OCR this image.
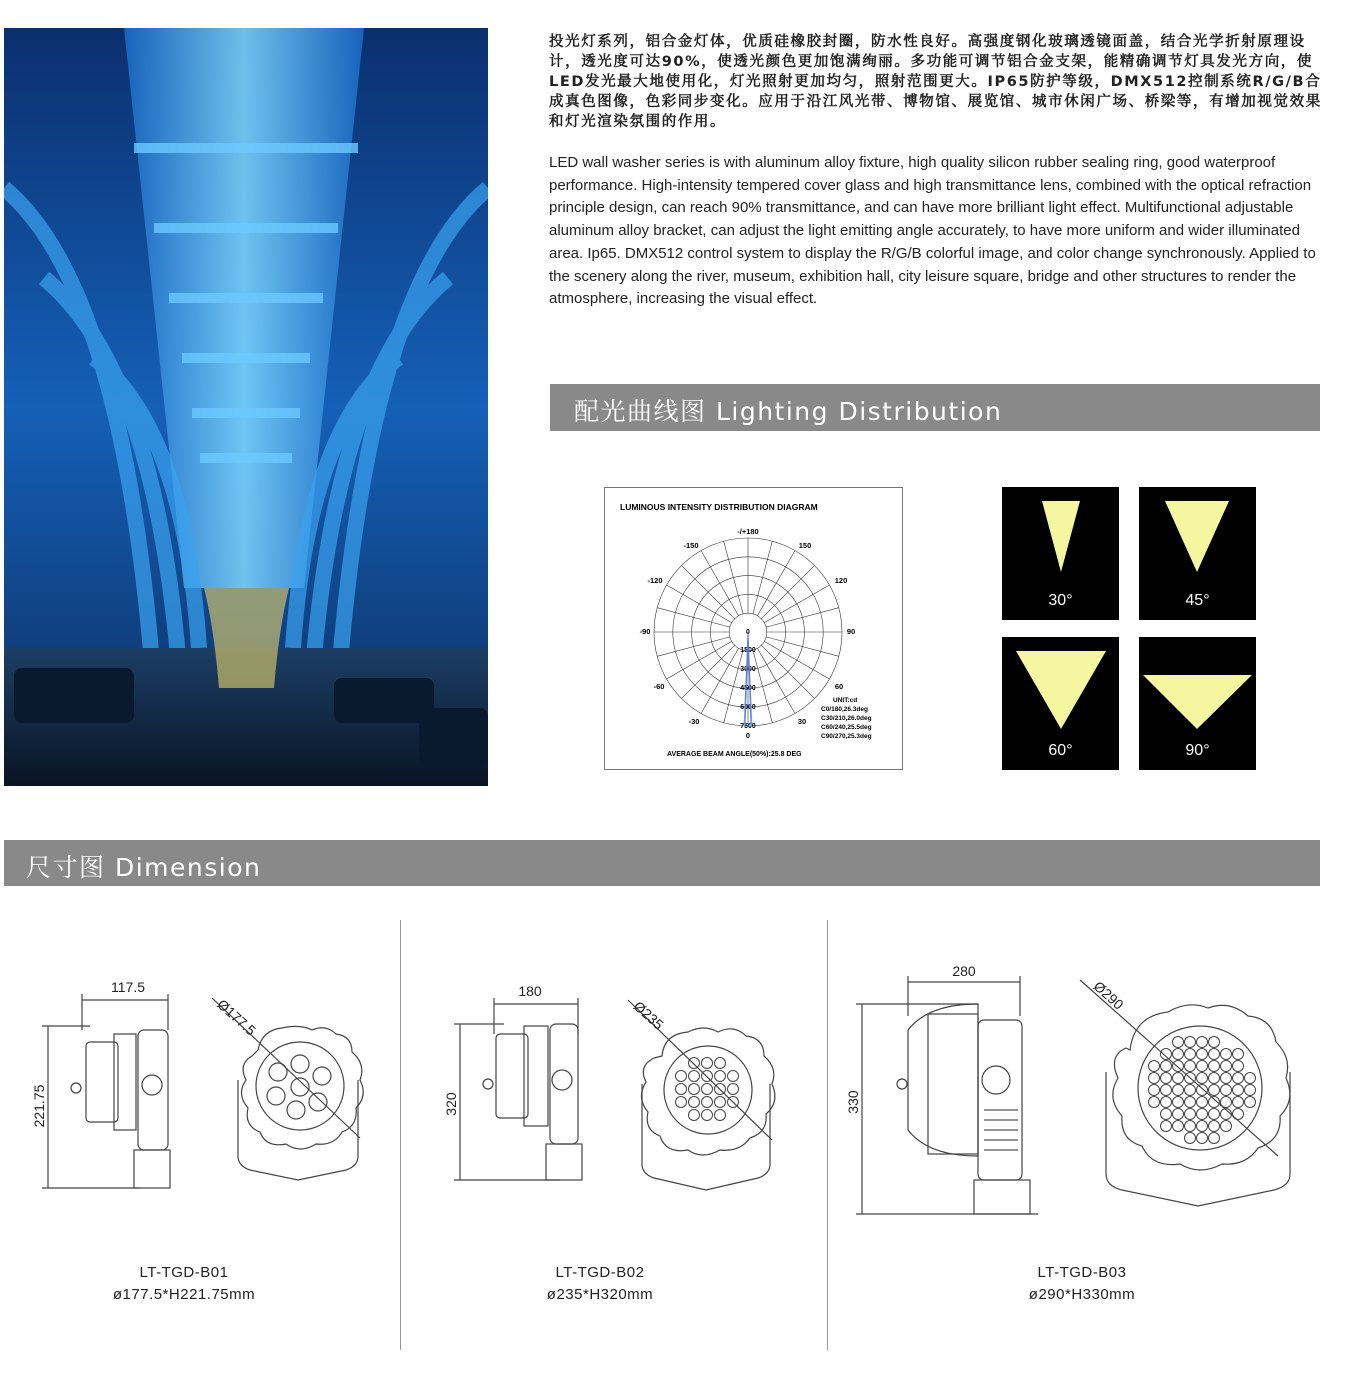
投光灯系列，铝合金灯体，优质硅橡胶封圈，防水性良好。高强度钢化玻璃透镜面盖，结合光学折射原理设计，透光度可达90%，使透光颜色更加饱满绚丽。多功能可调节铝合金支架，能精确调节灯具发光方向，使LED发光最大地使用化，灯光照射更加均匀，照射范围更大。IP65防护等级，DMX512控制系统R/G/B合成真色图像，色彩同步变化。应用于沿江风光带、博物馆、展览馆、城市休闲广场、桥梁等，有增加视觉效果和灯光渲染氛围的作用。
LED wall washer series is with aluminum alloy fixture, high quality silicon rubber sealing ring, good waterproof performance. High-intensity tempered cover glass and high transmittance lens, combined with the optical refraction principle design, can reach 90% transmittance, and can have more brilliant light effect. Multifunctional adjustable aluminum alloy bracket, can adjust the light emitting angle accurately, to have more uniform and wider illuminated area. Ip65. DMX512 control system to display the R/G/B colorful image, and color change synchronously. Applied to the scenery along the river, museum, exhibition hall, city leisure square, bridge and other structures to render the atmosphere, increasing the visual effect.
配光曲线图 Lighting Distribution
LUMINOUS INTENSITY DISTRIBUTION DIAGRAM
-/+180
-150	150
-120	120
-90	90
-60	60
-30	30
0
0
1500
3000
4500
6000
7500
UNIT:cd
C0/180,26.3deg
C30/210,26.0deg
C60/240,25.5deg
C90/270,25.3deg
AVERAGE BEAM ANGLE(50%):25.8 DEG
30°	45°
60°	90°
尺寸图 Dimension
117.5
221.75
Ø177.5
180
320
Ø235
280
330
Ø290
LT-TGD-B01
ø177.5*H221.75mm
LT-TGD-B02
ø235*H320mm
LT-TGD-B03
ø290*H330mm
